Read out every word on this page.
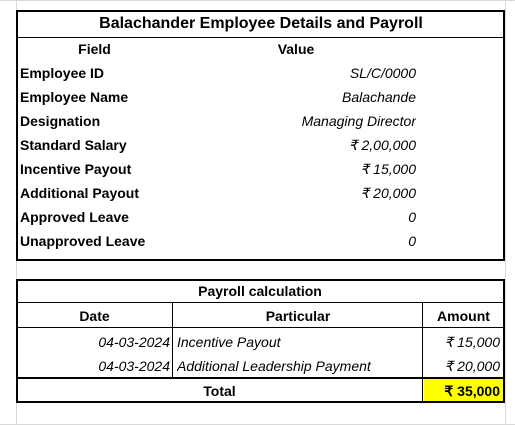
Balachander Employee Details and Payroll
Field	Value
Employee ID	SL/C/0000
Employee Name	Balachande
Designation	Managing Director
Standard Salary	₹ 2,00,000
Incentive Payout	₹ 15,000
Additional Payout	₹ 20,000
Approved Leave	0
Unapproved Leave	0
Payroll calculation
Date	Particular	Amount
04-03-2024 Incentive Payout	₹ 15,000
04-03-2024 Additional Leadership Payment	₹ 20,000
Total	₹ 35,000
